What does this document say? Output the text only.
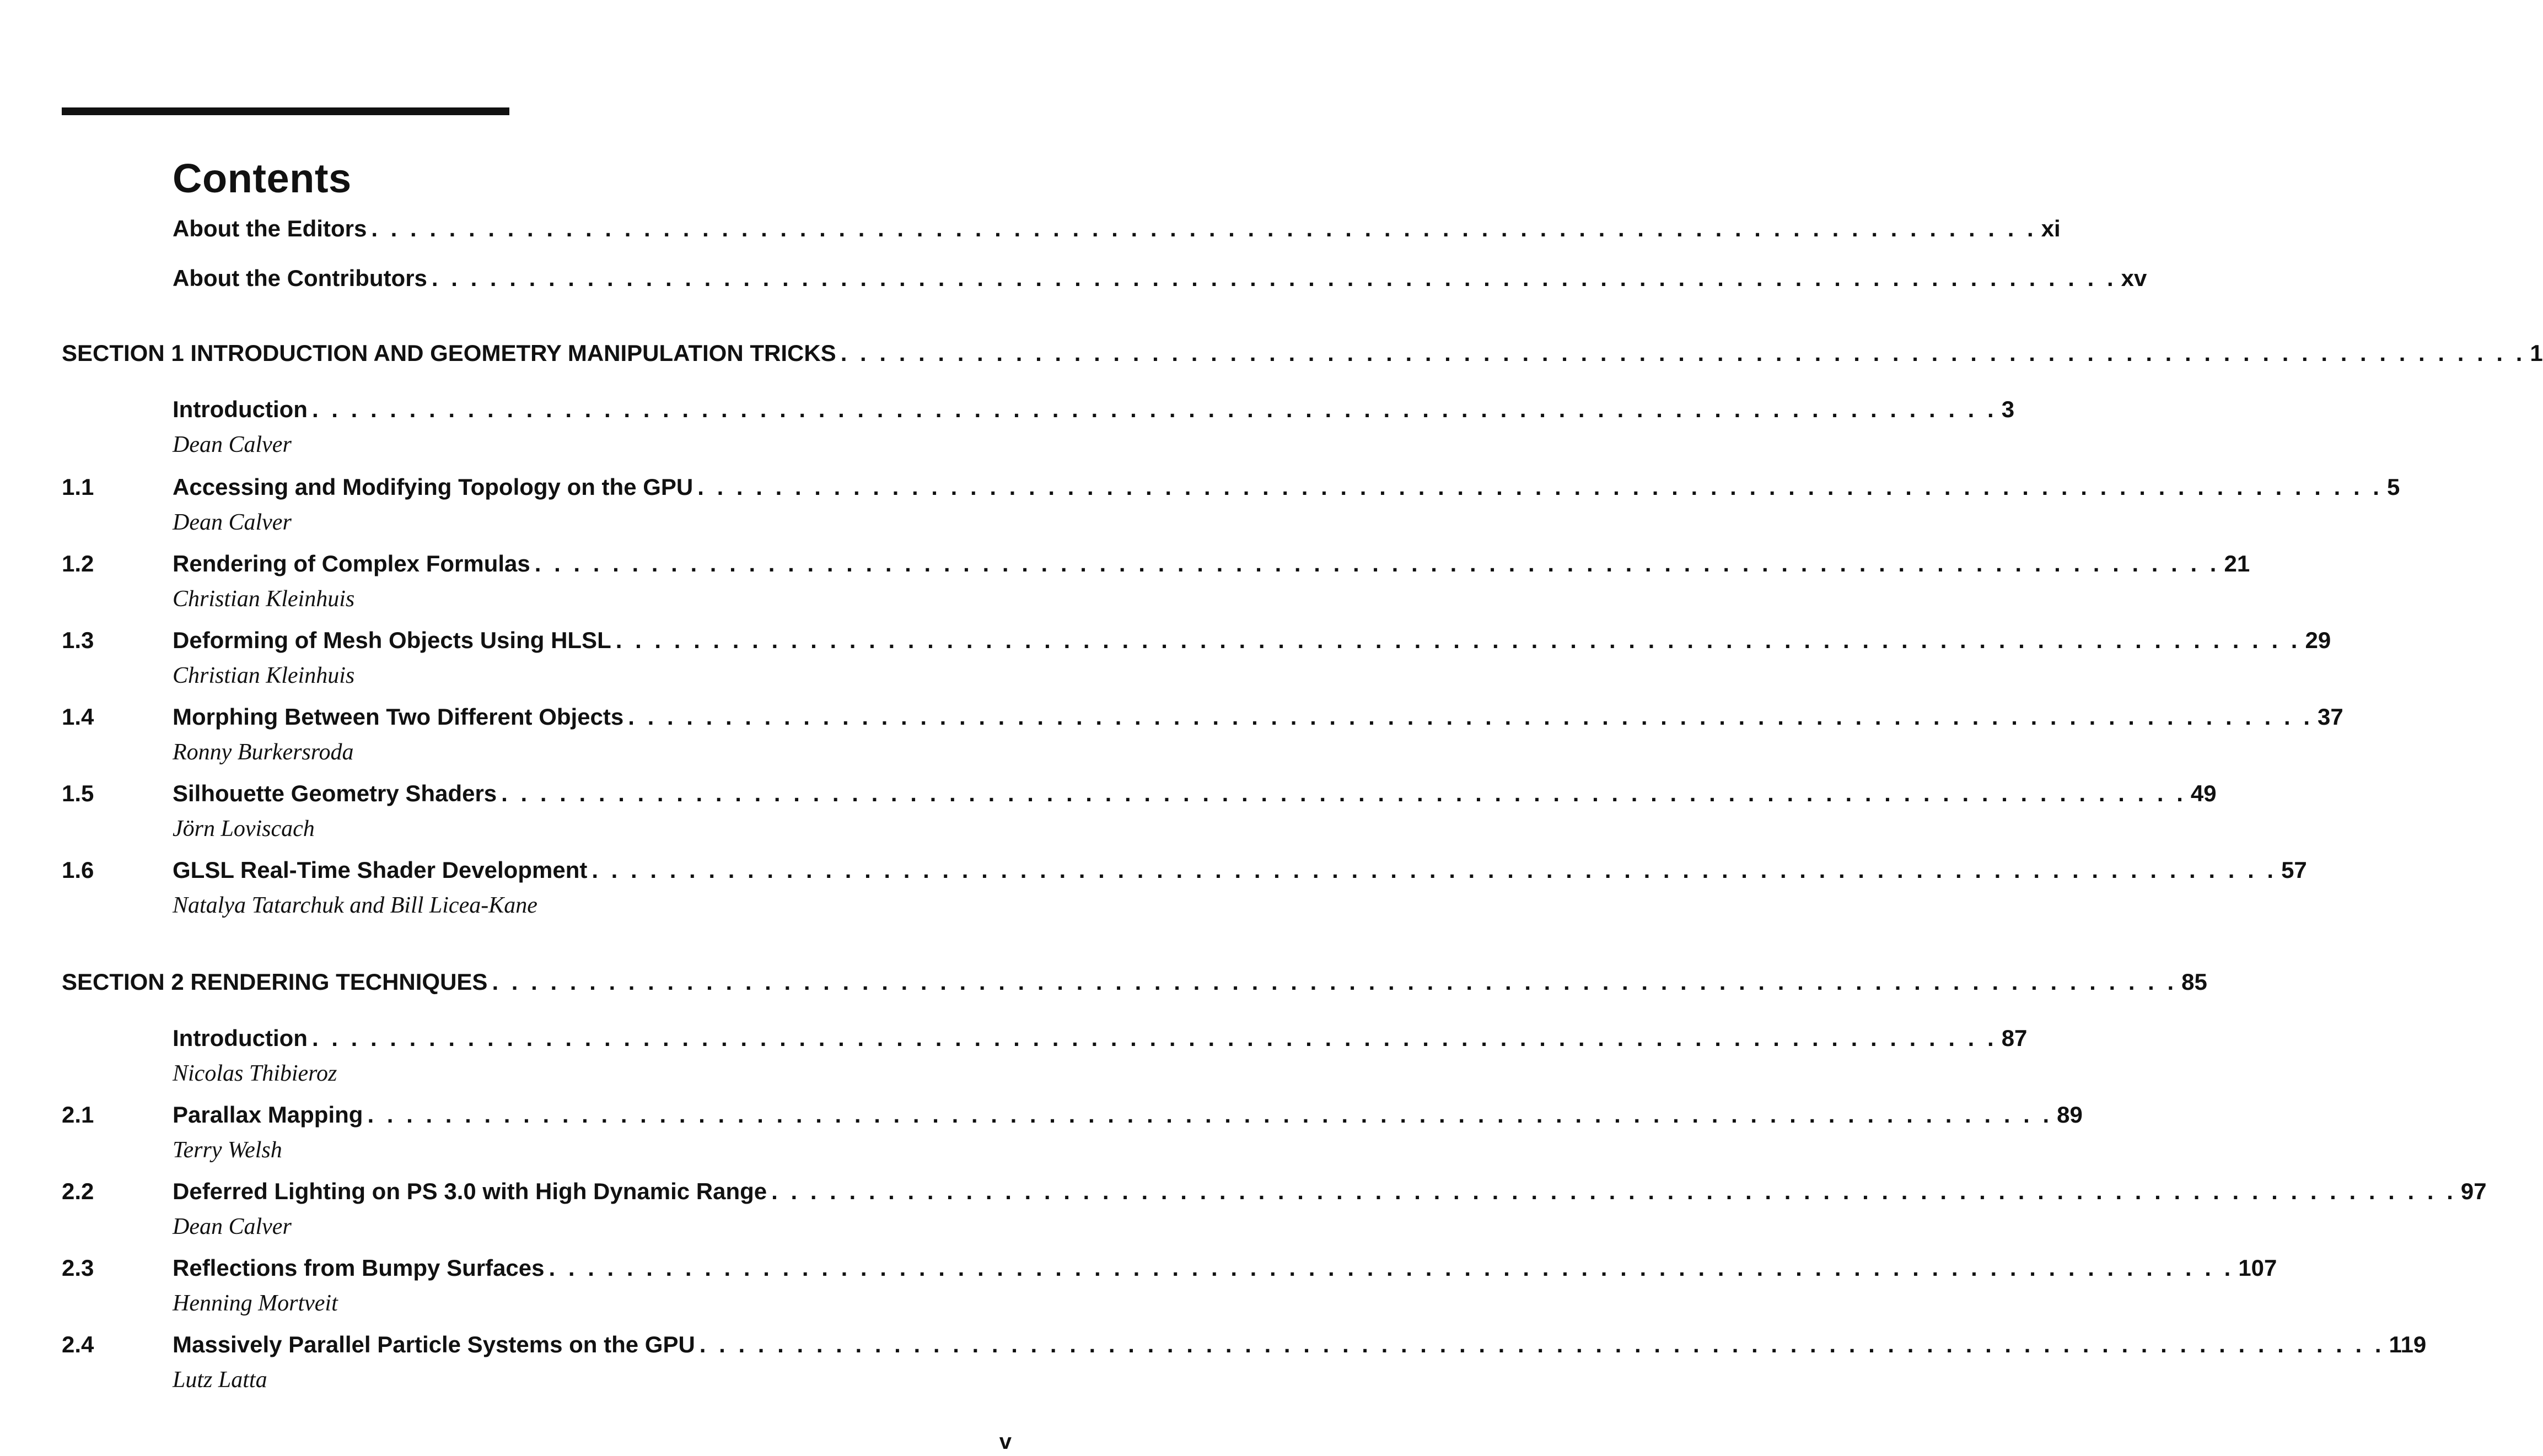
Contents
About the Editors . . . . . . . . . . . . . . . . . . . . . . . . . . . . . . . . . . . . . . . . . . . . . . . . . . . . . . . . . . . . . . . . . . . . . . . . . . . . . . . . . . . . . . xi
About the Contributors . . . . . . . . . . . . . . . . . . . . . . . . . . . . . . . . . . . . . . . . . . . . . . . . . . . . . . . . . . . . . . . . . . . . . . . . . . . . . . . . . . . . . . . xv
SECTION 1 INTRODUCTION AND GEOMETRY MANIPULATION TRICKS . . . . . . . . . . . . . . . . . . . . . . . . . . . . . . . . . . . . . . . . . . . . . . . . . . . . . . . . . . . . . . . . . . . . . . . . . . . . . . . . . . . . . . . 1
Introduction . . . . . . . . . . . . . . . . . . . . . . . . . . . . . . . . . . . . . . . . . . . . . . . . . . . . . . . . . . . . . . . . . . . . . . . . . . . . . . . . . . . . . . . 3
Dean Calver
1.1	Accessing and Modifying Topology on the GPU . . . . . . . . . . . . . . . . . . . . . . . . . . . . . . . . . . . . . . . . . . . . . . . . . . . . . . . . . . . . . . . . . . . . . . . . . . . . . . . . . . . . . . . 5
Dean Calver
1.2	Rendering of Complex Formulas . . . . . . . . . . . . . . . . . . . . . . . . . . . . . . . . . . . . . . . . . . . . . . . . . . . . . . . . . . . . . . . . . . . . . . . . . . . . . . . . . . . . . . . 21
Christian Kleinhuis
1.3	Deforming of Mesh Objects Using HLSL . . . . . . . . . . . . . . . . . . . . . . . . . . . . . . . . . . . . . . . . . . . . . . . . . . . . . . . . . . . . . . . . . . . . . . . . . . . . . . . . . . . . . . . 29
Christian Kleinhuis
1.4	Morphing Between Two Different Objects . . . . . . . . . . . . . . . . . . . . . . . . . . . . . . . . . . . . . . . . . . . . . . . . . . . . . . . . . . . . . . . . . . . . . . . . . . . . . . . . . . . . . . . 37
Ronny Burkersroda
1.5	Silhouette Geometry Shaders . . . . . . . . . . . . . . . . . . . . . . . . . . . . . . . . . . . . . . . . . . . . . . . . . . . . . . . . . . . . . . . . . . . . . . . . . . . . . . . . . . . . . . . 49
Jörn Loviscach
1.6	GLSL Real-Time Shader Development . . . . . . . . . . . . . . . . . . . . . . . . . . . . . . . . . . . . . . . . . . . . . . . . . . . . . . . . . . . . . . . . . . . . . . . . . . . . . . . . . . . . . . . 57
Natalya Tatarchuk and Bill Licea-Kane
SECTION 2 RENDERING TECHNIQUES . . . . . . . . . . . . . . . . . . . . . . . . . . . . . . . . . . . . . . . . . . . . . . . . . . . . . . . . . . . . . . . . . . . . . . . . . . . . . . . . . . . . . . . 85
Introduction . . . . . . . . . . . . . . . . . . . . . . . . . . . . . . . . . . . . . . . . . . . . . . . . . . . . . . . . . . . . . . . . . . . . . . . . . . . . . . . . . . . . . . . 87
Nicolas Thibieroz
2.1	Parallax Mapping . . . . . . . . . . . . . . . . . . . . . . . . . . . . . . . . . . . . . . . . . . . . . . . . . . . . . . . . . . . . . . . . . . . . . . . . . . . . . . . . . . . . . . . 89
Terry Welsh
2.2	Deferred Lighting on PS 3.0 with High Dynamic Range . . . . . . . . . . . . . . . . . . . . . . . . . . . . . . . . . . . . . . . . . . . . . . . . . . . . . . . . . . . . . . . . . . . . . . . . . . . . . . . . . . . . . . . 97
Dean Calver
2.3	Reflections from Bumpy Surfaces . . . . . . . . . . . . . . . . . . . . . . . . . . . . . . . . . . . . . . . . . . . . . . . . . . . . . . . . . . . . . . . . . . . . . . . . . . . . . . . . . . . . . . . 107
Henning Mortveit
2.4	Massively Parallel Particle Systems on the GPU . . . . . . . . . . . . . . . . . . . . . . . . . . . . . . . . . . . . . . . . . . . . . . . . . . . . . . . . . . . . . . . . . . . . . . . . . . . . . . . . . . . . . . . 119
Lutz Latta
v
